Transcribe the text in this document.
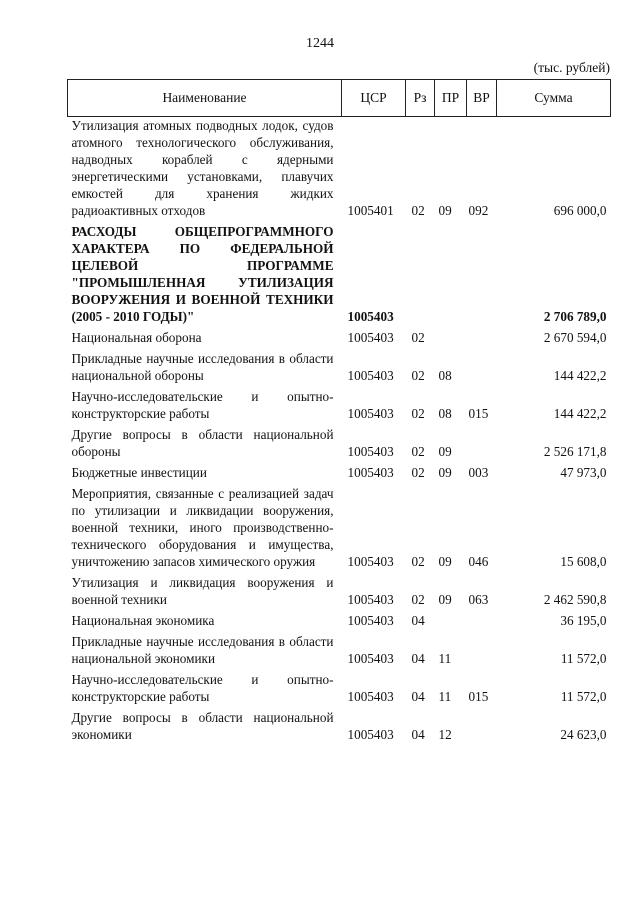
1244
(тыс. рублей)
Наименование	ЦСР	Рз	ПР	ВР	Сумма
Утилизация атомных подводных лодок, судов атомного технологического обслуживания, надводных кораблей с ядерными энергетическими установками, плавучих емкостей для хранения жидких радиоактивных отходов	1005401	02	09	092	696 000,0

РАСХОДЫ ОБЩЕПРОГРАММНОГО ХАРАКТЕРА ПО ФЕДЕРАЛЬНОЙ ЦЕЛЕВОЙ ПРОГРАММЕ "ПРОМЫШЛЕННАЯ УТИЛИЗАЦИЯ ВООРУЖЕНИЯ И ВОЕННОЙ ТЕХНИКИ (2005 - 2010 ГОДЫ)"	1005403				2 706 789,0

Национальная оборона	1005403	02			2 670 594,0

Прикладные научные исследования в области национальной обороны	1005403	02	08		144 422,2

Научно-исследовательские и опытно-конструкторские работы	1005403	02	08	015	144 422,2

Другие вопросы в области национальной обороны	1005403	02	09		2 526 171,8

Бюджетные инвестиции	1005403	02	09	003	47 973,0

Мероприятия, связанные с реализацией задач по утилизации и ликвидации вооружения, военной техники, иного производственно-технического оборудования и имущества, уничтожению запасов химического оружия	1005403	02	09	046	15 608,0

Утилизация и ликвидация вооружения и военной техники	1005403	02	09	063	2 462 590,8

Национальная экономика	1005403	04			36 195,0

Прикладные научные исследования в области национальной экономики	1005403	04	11		11 572,0

Научно-исследовательские и опытно-конструкторские работы	1005403	04	11	015	11 572,0

Другие вопросы в области национальной экономики	1005403	04	12		24 623,0
